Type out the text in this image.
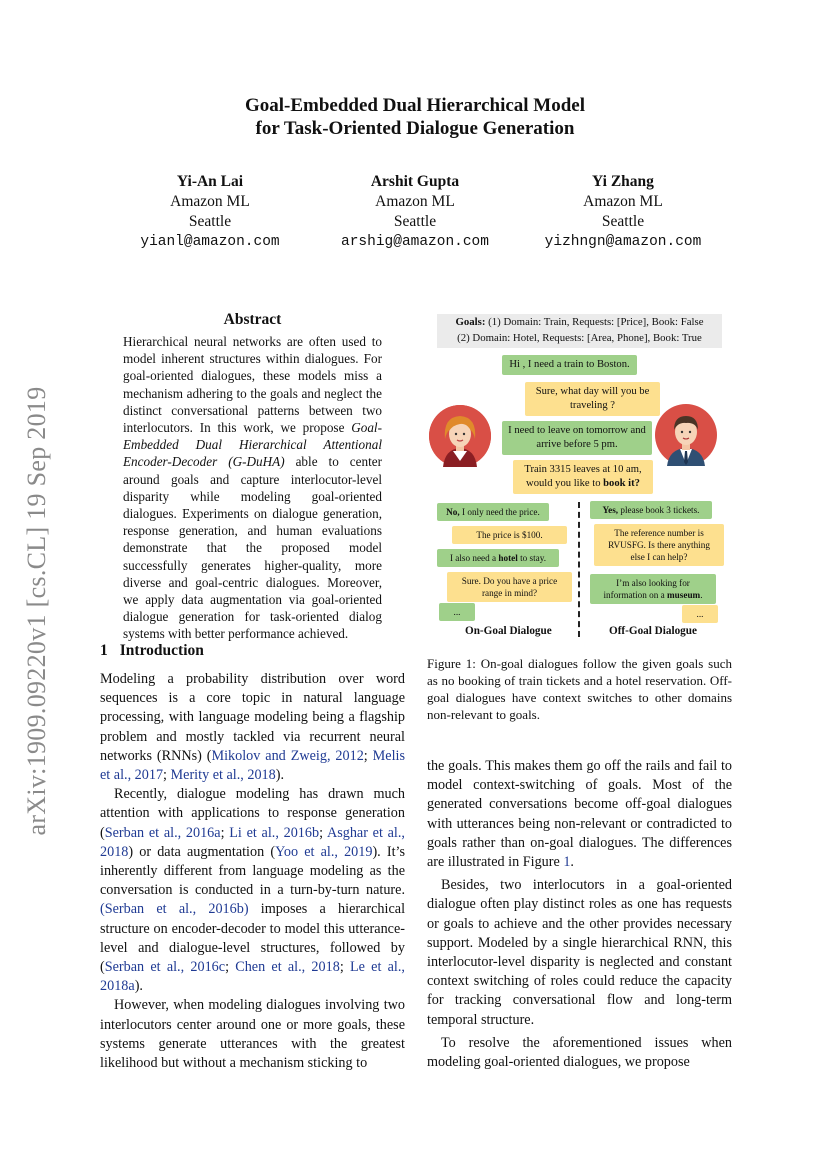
arXiv:1909.09220v1 [cs.CL] 19 Sep 2019
Goal-Embedded Dual Hierarchical Model
for Task-Oriented Dialogue Generation
Yi-An Lai
Amazon ML
Seattle
yianl@amazon.com
Arshit Gupta
Amazon ML
Seattle
arshig@amazon.com
Yi Zhang
Amazon ML
Seattle
yizhngn@amazon.com
Abstract
Hierarchical neural networks are often used to model inherent structures within dialogues. For goal-oriented dialogues, these models miss a mechanism adhering to the goals and neglect the distinct conversational patterns between two interlocutors. In this work, we propose Goal-Embedded Dual Hierarchical Attentional Encoder-Decoder (G-DuHA) able to center around goals and capture interlocutor-level disparity while modeling goal-oriented dialogues. Experiments on dialogue generation, response generation, and human evaluations demonstrate that the proposed model successfully generates higher-quality, more diverse and goal-centric dialogues. Moreover, we apply data augmentation via goal-oriented dialogue generation for task-oriented dialog systems with better performance achieved.
1 Introduction

Modeling a probability distribution over word sequences is a core topic in natural language processing, with language modeling being a flagship problem and mostly tackled via recurrent neural networks (RNNs) (Mikolov and Zweig, 2012; Melis et al., 2017; Merity et al., 2018).

Recently, dialogue modeling has drawn much attention with applications to response generation (Serban et al., 2016a; Li et al., 2016b; Asghar et al., 2018) or data augmentation (Yoo et al., 2019). It’s inherently different from language modeling as the conversation is conducted in a turn-by-turn nature. (Serban et al., 2016b) imposes a hierarchical structure on encoder-decoder to model this utterance-level and dialogue-level structures, followed by (Serban et al., 2016c; Chen et al., 2018; Le et al., 2018a).

However, when modeling dialogues involving two interlocutors center around one or more goals, these systems generate utterances with the greatest likelihood but without a mechanism sticking to

Goals: (1) Domain: Train, Requests: [Price], Book: False
(2) Domain: Hotel, Requests: [Area, Phone], Book: True
Hi , I need a train to Boston.
Sure, what day will you be traveling ?
I need to leave on tomorrow and arrive before 5 pm.
Train 3315 leaves at 10 am, would you like to book it?
No, I only need the price.
The price is $100.
I also need a hotel to stay.
Sure. Do you have a price range in mind?
...
Yes, please book 3 tickets.
The reference number is RVUSFG. Is there anything else I can help?
I’m also looking for information on a museum.
...
On-Goal Dialogue	Off-Goal Dialogue
Figure 1: On-goal dialogues follow the given goals such as no booking of train tickets and a hotel reservation. Off-goal dialogues have context switches to other domains non-relevant to goals.

the goals. This makes them go off the rails and fail to model context-switching of goals. Most of the generated conversations become off-goal dialogues with utterances being non-relevant or contradicted to goals rather than on-goal dialogues. The differences are illustrated in Figure 1.

Besides, two interlocutors in a goal-oriented dialogue often play distinct roles as one has requests or goals to achieve and the other provides necessary support. Modeled by a single hierarchical RNN, this interlocutor-level disparity is neglected and constant context switching of roles could reduce the capacity for tracking conversational flow and long-term temporal structure.

To resolve the aforementioned issues when modeling goal-oriented dialogues, we propose
